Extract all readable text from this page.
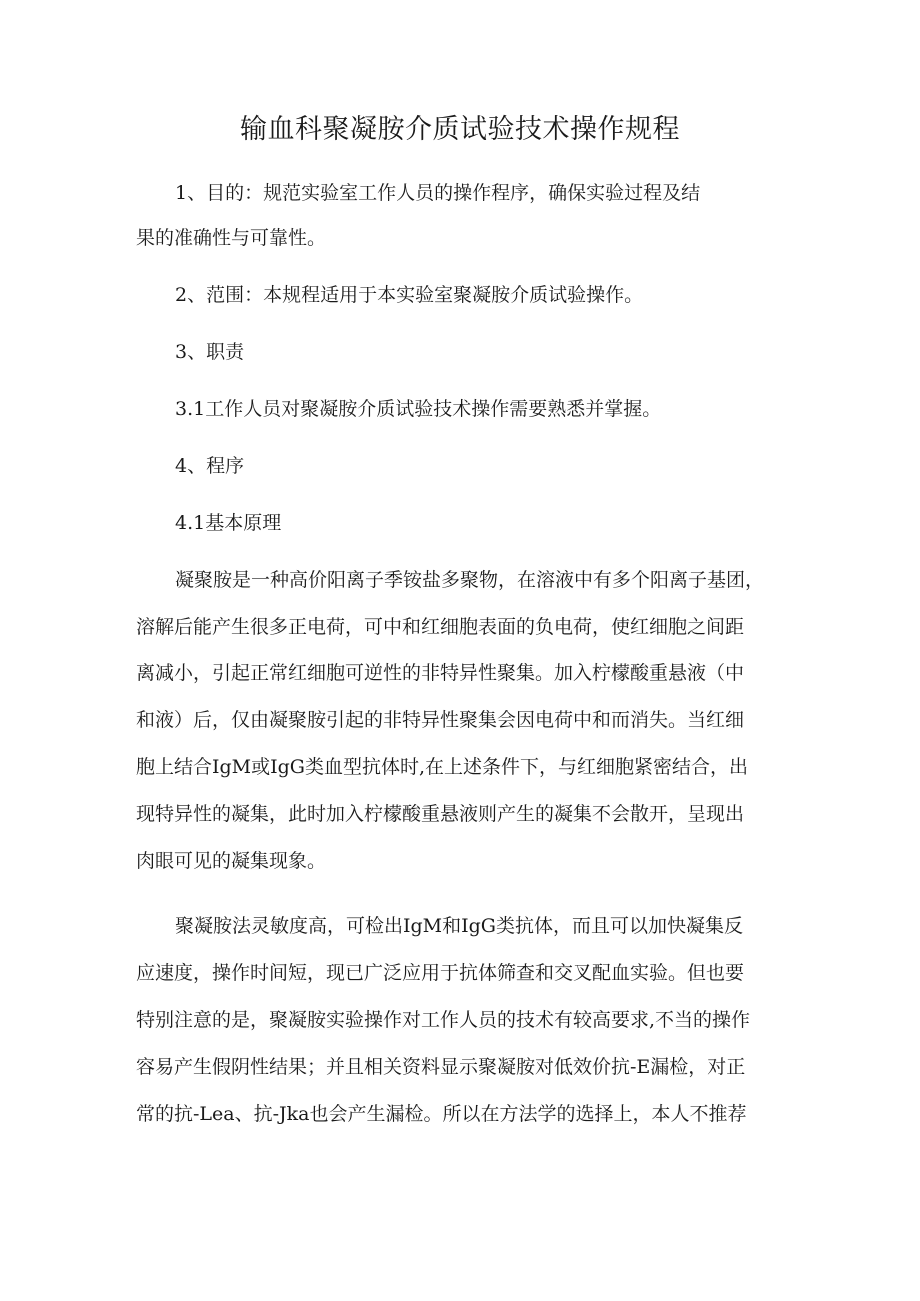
输血科聚凝胺介质试验技术操作规程
1、目的：规范实验室工作人员的操作程序，确保实验过程及结
果的准确性与可靠性。
2、范围：本规程适用于本实验室聚凝胺介质试验操作。
3、职责
3.1工作人员对聚凝胺介质试验技术操作需要熟悉并掌握。
4、程序
4.1基本原理
凝聚胺是一种高价阳离子季铵盐多聚物，在溶液中有多个阳离子基团，
溶解后能产生很多正电荷，可中和红细胞表面的负电荷，使红细胞之间距
离减小，引起正常红细胞可逆性的非特异性聚集。加入柠檬酸重悬液（中
和液）后，仅由凝聚胺引起的非特异性聚集会因电荷中和而消失。当红细
胞上结合IgM或IgG类血型抗体时,在上述条件下，与红细胞紧密结合，出
现特异性的凝集，此时加入柠檬酸重悬液则产生的凝集不会散开，呈现出
肉眼可见的凝集现象。
聚凝胺法灵敏度高，可检出IgM和IgG类抗体，而且可以加快凝集反
应速度，操作时间短，现已广泛应用于抗体筛查和交叉配血实验。但也要
特别注意的是，聚凝胺实验操作对工作人员的技术有较高要求,不当的操作
容易产生假阴性结果；并且相关资料显示聚凝胺对低效价抗-E漏检，对正
常的抗-Lea、抗-Jka也会产生漏检。所以在方法学的选择上，本人不推荐
